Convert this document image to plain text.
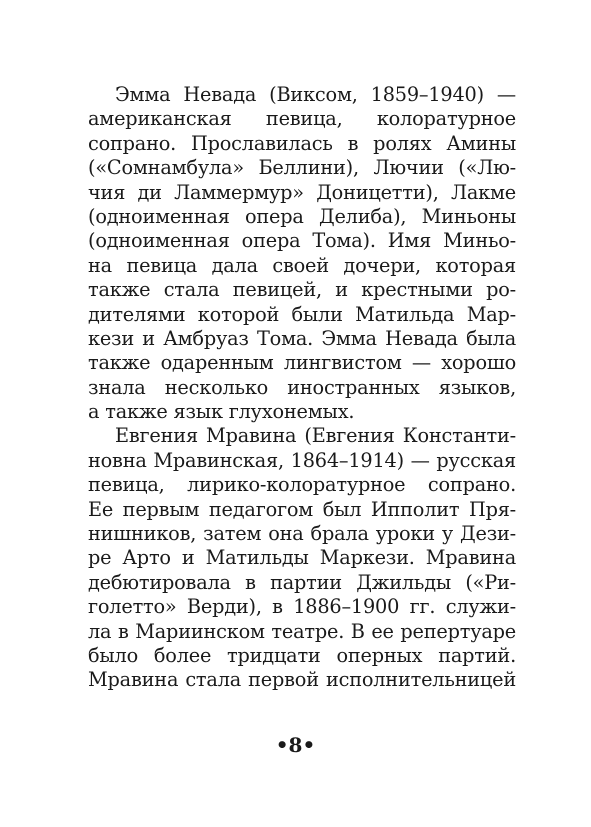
Эмма Невада (Виксом, 1859–1940) —
американская певица, колоратурное
сопрано. Прославилась в ролях Амины
(«Сомнамбула» Беллини), Лючии («Лю-
чия ди Ламмермур» Доницетти), Лакме
(одноименная опера Делиба), Миньоны
(одноименная опера Тома). Имя Миньо-
на певица дала своей дочери, которая
также стала певицей, и крестными ро-
дителями которой были Матильда Мар-
кези и Амбруаз Тома. Эмма Невада была
также одаренным лингвистом — хорошо
знала несколько иностранных языков,
а также язык глухонемых.
Евгения Мравина (Евгения Константи-
новна Мравинская, 1864–1914) — русская
певица, лирико-колоратурное сопрано.
Ее первым педагогом был Ипполит Пря-
нишников, затем она брала уроки у Дези-
ре Арто и Матильды Маркези. Мравина
дебютировала в партии Джильды («Ри-
голетто» Верди), в 1886–1900 гг. служи-
ла в Мариинском театре. В ее репертуаре
было более тридцати оперных партий.
Мравина стала первой исполнительницей
•8•
